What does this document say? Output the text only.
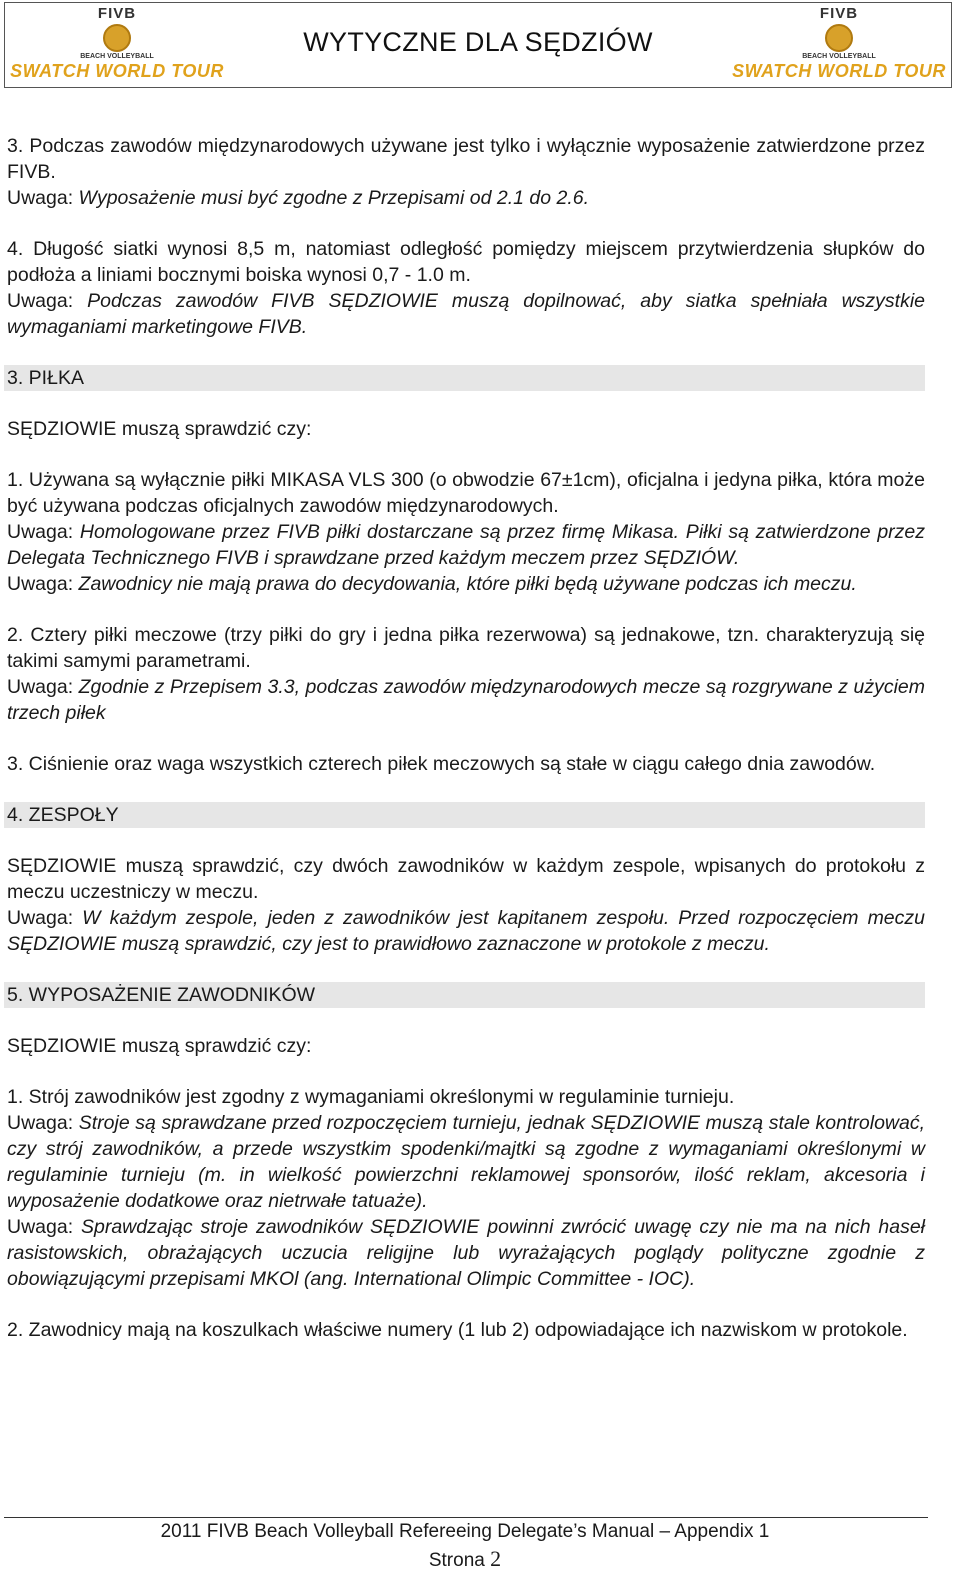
FIVB
BEACH VOLLEYBALL
SWATCH WORLD TOUR
WYTYCZNE DLA SĘDZIÓW
FIVB
BEACH VOLLEYBALL
SWATCH WORLD TOUR

3. Podczas zawodów międzynarodowych używane jest tylko i wyłącznie wyposażenie zatwierdzone przez FIVB.

Uwaga: Wyposażenie musi być zgodne z Przepisami od 2.1 do 2.6.

4. Długość siatki wynosi 8,5 m, natomiast odległość pomiędzy miejscem przytwierdzenia słupków do podłoża a liniami bocznymi boiska wynosi 0,7 - 1.0 m.

Uwaga: Podczas zawodów FIVB SĘDZIOWIE muszą dopilnować, aby siatka spełniała wszystkie wymaganiami marketingowe FIVB.

3. PIŁKA

SĘDZIOWIE muszą sprawdzić czy:

1. Używana są wyłącznie piłki MIKASA VLS 300 (o obwodzie 67±1cm), oficjalna i jedyna piłka, która może być używana podczas oficjalnych zawodów międzynarodowych.

Uwaga: Homologowane przez FIVB piłki dostarczane są przez firmę Mikasa. Piłki są zatwierdzone przez Delegata Technicznego FIVB i sprawdzane przed każdym meczem przez SĘDZIÓW.

Uwaga: Zawodnicy nie mają prawa do decydowania, które piłki będą używane podczas ich meczu.

2. Cztery piłki meczowe (trzy piłki do gry i jedna piłka rezerwowa) są jednakowe, tzn. charakteryzują się takimi samymi parametrami.

Uwaga: Zgodnie z Przepisem 3.3, podczas zawodów międzynarodowych mecze są rozgrywane z użyciem trzech piłek

3. Ciśnienie oraz waga wszystkich czterech piłek meczowych są stałe w ciągu całego dnia zawodów.

4. ZESPOŁY

SĘDZIOWIE muszą sprawdzić, czy dwóch zawodników w każdym zespole, wpisanych do protokołu z meczu uczestniczy w meczu.

Uwaga: W każdym zespole, jeden z zawodników jest kapitanem zespołu. Przed rozpoczęciem meczu SĘDZIOWIE muszą sprawdzić, czy jest to prawidłowo zaznaczone w protokole z meczu.

5. WYPOSAŻENIE ZAWODNIKÓW

SĘDZIOWIE muszą sprawdzić czy:

1. Strój zawodników jest zgodny z wymaganiami określonymi w regulaminie turnieju.

Uwaga: Stroje są sprawdzane przed rozpoczęciem turnieju, jednak SĘDZIOWIE muszą stale kontrolować, czy strój zawodników, a przede wszystkim spodenki/majtki są zgodne z wymaganiami określonymi w regulaminie turnieju (m. in wielkość powierzchni reklamowej sponsorów, ilość reklam, akcesoria i wyposażenie dodatkowe oraz nietrwałe tatuaże).

Uwaga: Sprawdzając stroje zawodników SĘDZIOWIE powinni zwrócić uwagę czy nie ma na nich haseł rasistowskich, obrażających uczucia religijne lub wyrażających poglądy polityczne zgodnie z obowiązującymi przepisami MKOl (ang. International Olimpic Committee - IOC).

2. Zawodnicy mają na koszulkach właściwe numery (1 lub 2) odpowiadające ich nazwiskom w protokole.

2011 FIVB Beach Volleyball Refereeing Delegate’s Manual – Appendix 1
Strona 2
